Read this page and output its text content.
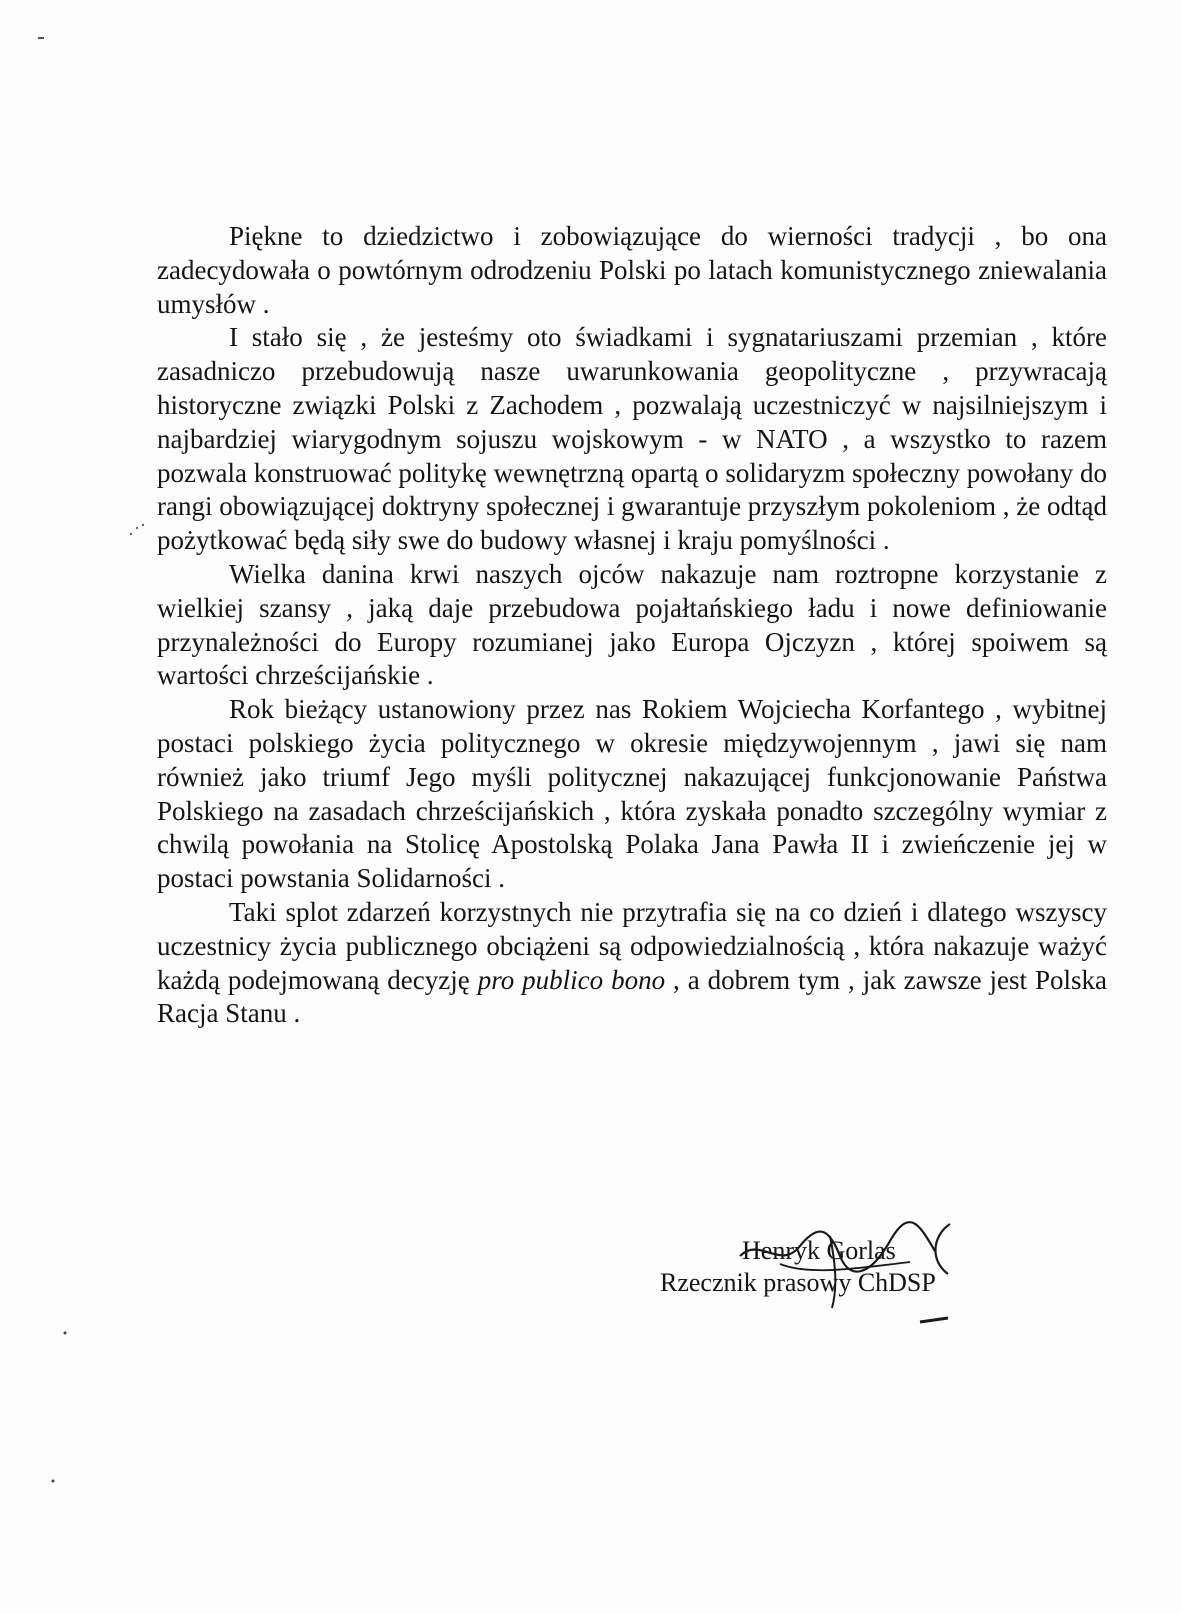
Piękne to dziedzictwo i zobowiązujące do wierności tradycji , bo ona zadecydowała o powtórnym odrodzeniu Polski po latach komunistycznego zniewalania umysłów .

I stało się , że jesteśmy oto świadkami i sygnatariuszami przemian , które zasadniczo przebudowują nasze uwarunkowania geopolityczne , przywracają historyczne związki Polski z Zachodem , pozwalają uczestniczyć w najsilniejszym i najbardziej wiarygodnym sojuszu wojskowym - w NATO , a wszystko to razem pozwala konstruować politykę wewnętrzną opartą o solidaryzm społeczny powołany do rangi obowiązującej doktryny społecznej i gwarantuje przyszłym pokoleniom , że odtąd pożytkować będą siły swe do budowy własnej i kraju pomyślności .

Wielka danina krwi naszych ojców nakazuje nam roztropne korzystanie z wielkiej szansy , jaką daje przebudowa pojałtańskiego ładu i nowe definiowanie przynależności do Europy rozumianej jako Europa Ojczyzn , której spoiwem są wartości chrześcijańskie .

Rok bieżący ustanowiony przez nas Rokiem Wojciecha Korfantego , wybitnej postaci polskiego życia politycznego w okresie międzywojennym , jawi się nam również jako triumf Jego myśli politycznej nakazującej funkcjonowanie Państwa Polskiego na zasadach chrześcijańskich , która zyskała ponadto szczególny wymiar z chwilą powołania na Stolicę Apostolską Polaka Jana Pawła II i zwieńczenie jej w postaci powstania Solidarności .

Taki splot zdarzeń korzystnych nie przytrafia się na co dzień i dlatego wszyscy uczestnicy życia publicznego obciążeni są odpowiedzialnością , która nakazuje ważyć każdą podejmowaną decyzję pro publico bono , a dobrem tym , jak zawsze jest Polska Racja Stanu .

Henryk Gorlas
Rzecznik prasowy ChDSP
